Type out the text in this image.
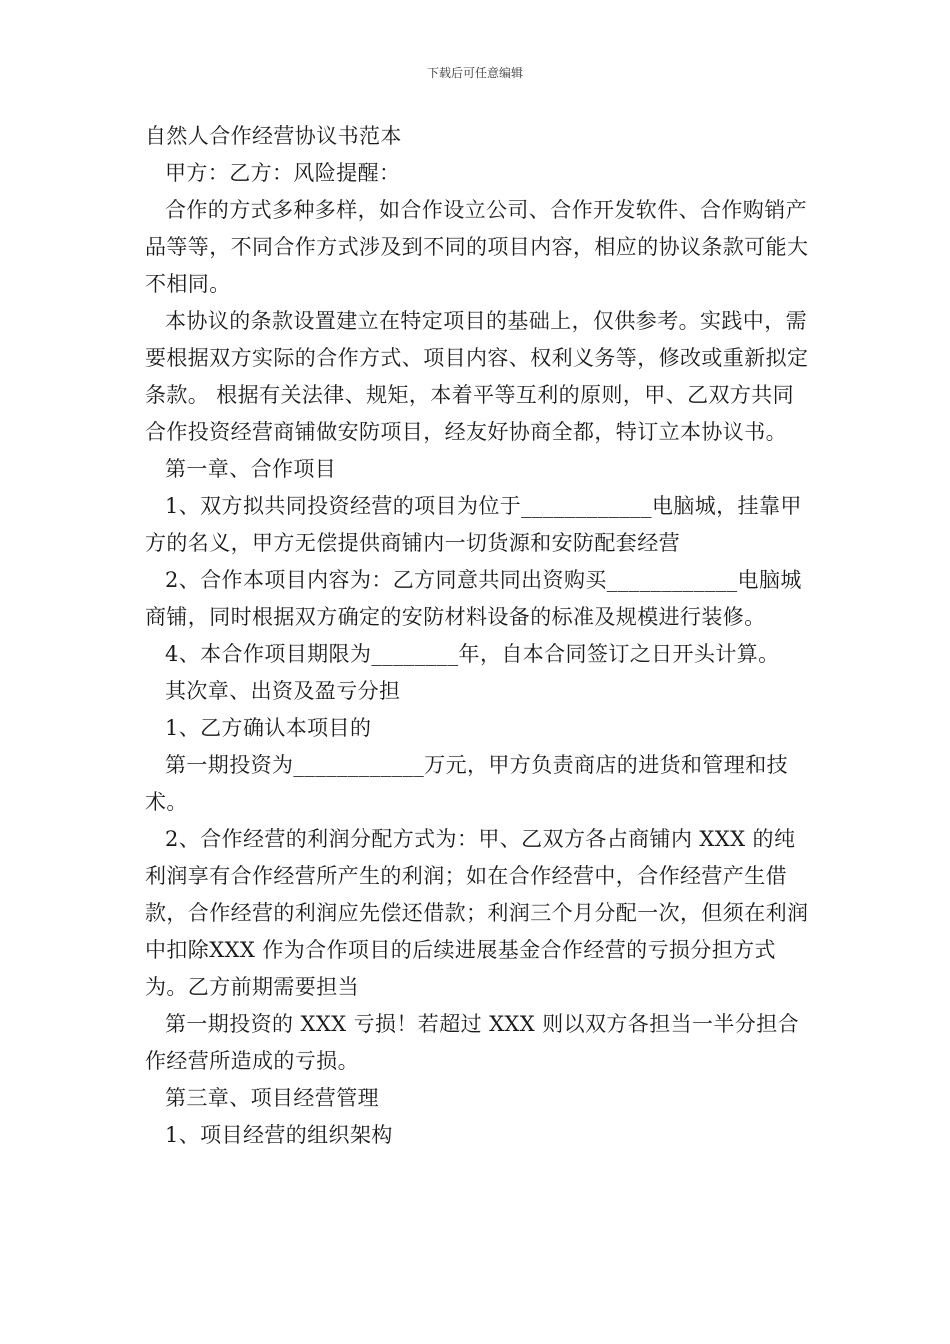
下载后可任意编辑

自然人合作经营协议书范本

甲方：乙方：风险提醒：

合作的方式多种多样，如合作设立公司、合作开发软件、合作购销产品等等，不同合作方式涉及到不同的项目内容，相应的协议条款可能大不相同。

本协议的条款设置建立在特定项目的基础上，仅供参考。实践中，需要根据双方实际的合作方式、项目内容、权利义务等，修改或重新拟定条款。 根据有关法律、规矩，本着平等互利的原则，甲、乙双方共同合作投资经营商铺做安防项目，经友好协商全都，特订立本协议书。

第一章、合作项目

1、双方拟共同投资经营的项目为位于____________电脑城，挂靠甲方的名义，甲方无偿提供商铺内一切货源和安防配套经营

2、合作本项目内容为：乙方同意共同出资购买____________电脑城商铺，同时根据双方确定的安防材料设备的标准及规模进行装修。

4、本合作项目期限为________年，自本合同签订之日开头计算。

其次章、出资及盈亏分担

1、乙方确认本项目的

第一期投资为____________万元，甲方负责商店的进货和管理和技术。

2、合作经营的利润分配方式为：甲、乙双方各占商铺内 XXX 的纯利润享有合作经营所产生的利润；如在合作经营中，合作经营产生借款，合作经营的利润应先偿还借款；利润三个月分配一次，但须在利润中扣除XXX 作为合作项目的后续进展基金合作经营的亏损分担方式为。乙方前期需要担当

第一期投资的 XXX 亏损！若超过 XXX 则以双方各担当一半分担合作经营所造成的亏损。

第三章、项目经营管理

1、项目经营的组织架构
